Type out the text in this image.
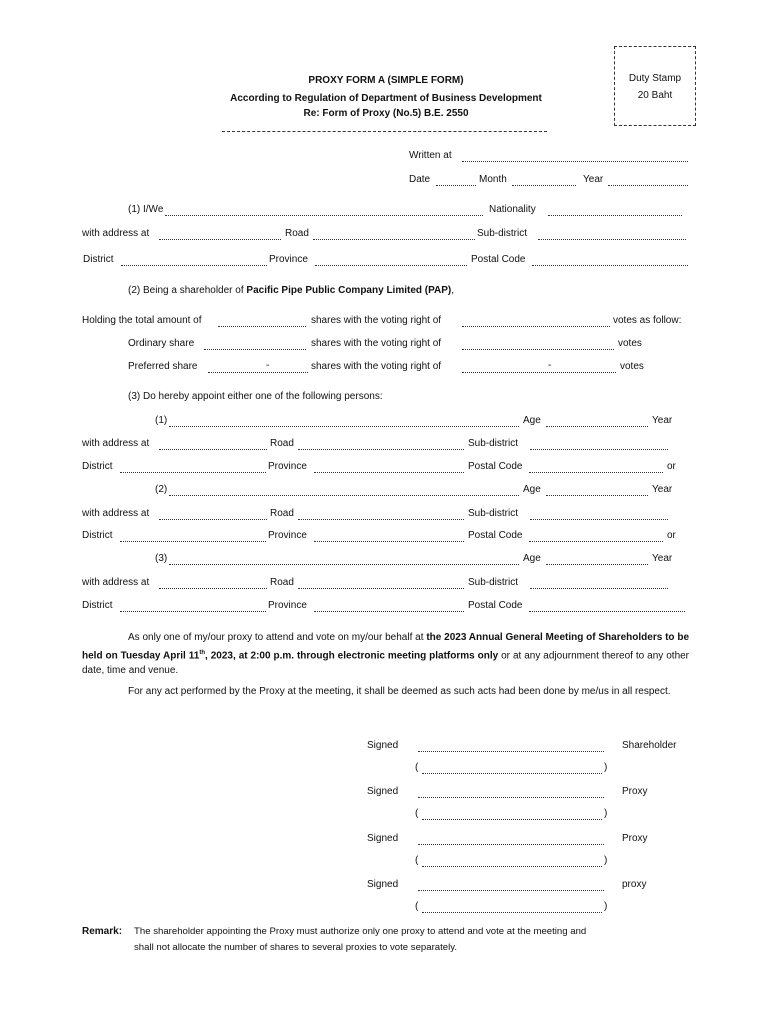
Duty Stamp
20 Baht
PROXY FORM A (SIMPLE FORM)
According to Regulation of Department of Business Development
Re: Form of Proxy (No.5) B.E. 2550
Written at
Date	Month	Year
(1) I/We	Nationality
with address at	Road	Sub-district
District	Province	Postal Code
(2) Being a shareholder of Pacific Pipe Public Company Limited (PAP),
Holding the total amount of	shares with the voting right of	votes as follow:
Ordinary share	shares with the voting right of	votes
Preferred share	-	shares with the voting right of	-	votes
(3) Do hereby appoint either one of the following persons:
(1)	Age	Year
with address at	Road	Sub-district
District	Province	Postal Code	or
(2)	Age	Year
with address at	Road	Sub-district
District	Province	Postal Code	or
(3)	Age	Year
with address at	Road	Sub-district
District	Province	Postal Code
As only one of my/our proxy to attend and vote on my/our behalf at the 2023 Annual General Meeting of Shareholders to be held on Tuesday April 11th, 2023, at 2:00 p.m. through electronic meeting platforms only or at any adjournment thereof to any other date, time and venue.
For any act performed by the Proxy at the meeting, it shall be deemed as such acts had been done by me/us in all respect.
Signed	Shareholder
(	)
Signed	Proxy
(	)
Signed	Proxy
(	)
Signed	proxy
(	)
Remark: The shareholder appointing the Proxy must authorize only one proxy to attend and vote at the meeting and
shall not allocate the number of shares to several proxies to vote separately.
